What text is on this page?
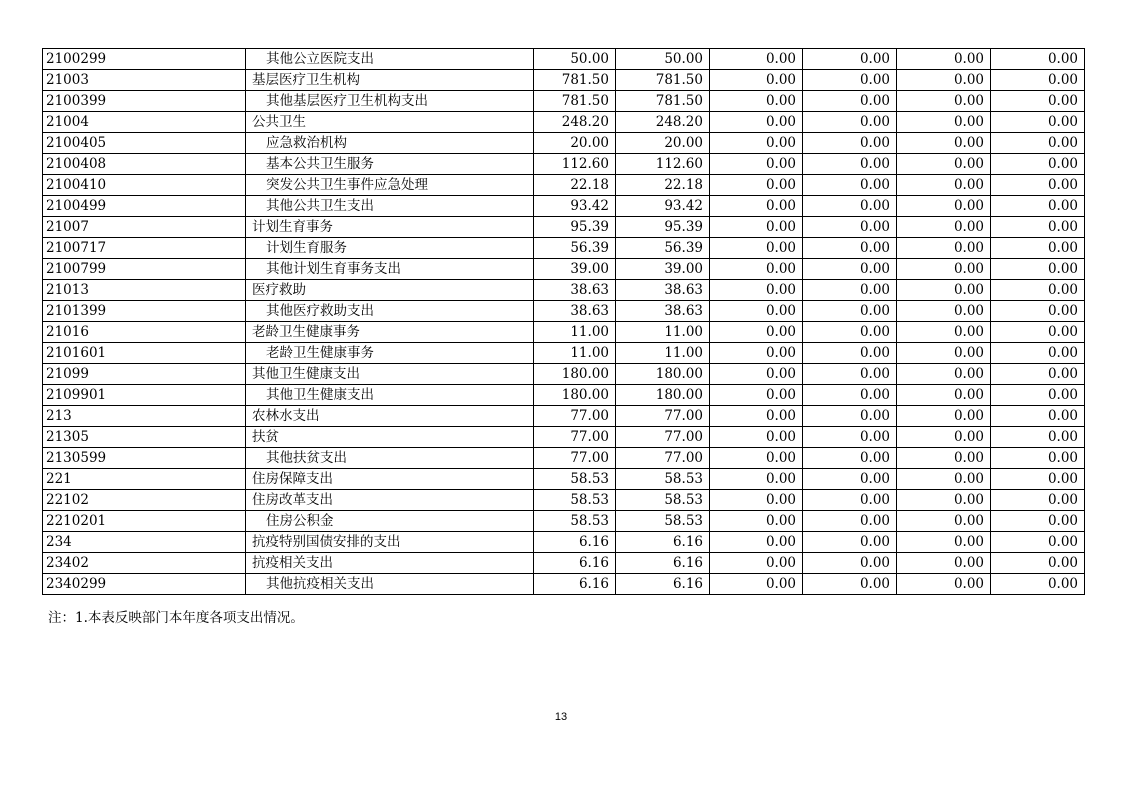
2100299	其他公立医院支出	50.00	50.00	0.00	0.00	0.00	0.00
21003	基层医疗卫生机构	781.50	781.50	0.00	0.00	0.00	0.00
2100399	其他基层医疗卫生机构支出	781.50	781.50	0.00	0.00	0.00	0.00
21004	公共卫生	248.20	248.20	0.00	0.00	0.00	0.00
2100405	应急救治机构	20.00	20.00	0.00	0.00	0.00	0.00
2100408	基本公共卫生服务	112.60	112.60	0.00	0.00	0.00	0.00
2100410	突发公共卫生事件应急处理	22.18	22.18	0.00	0.00	0.00	0.00
2100499	其他公共卫生支出	93.42	93.42	0.00	0.00	0.00	0.00
21007	计划生育事务	95.39	95.39	0.00	0.00	0.00	0.00
2100717	计划生育服务	56.39	56.39	0.00	0.00	0.00	0.00
2100799	其他计划生育事务支出	39.00	39.00	0.00	0.00	0.00	0.00
21013	医疗救助	38.63	38.63	0.00	0.00	0.00	0.00
2101399	其他医疗救助支出	38.63	38.63	0.00	0.00	0.00	0.00
21016	老龄卫生健康事务	11.00	11.00	0.00	0.00	0.00	0.00
2101601	老龄卫生健康事务	11.00	11.00	0.00	0.00	0.00	0.00
21099	其他卫生健康支出	180.00	180.00	0.00	0.00	0.00	0.00
2109901	其他卫生健康支出	180.00	180.00	0.00	0.00	0.00	0.00
213	农林水支出	77.00	77.00	0.00	0.00	0.00	0.00
21305	扶贫	77.00	77.00	0.00	0.00	0.00	0.00
2130599	其他扶贫支出	77.00	77.00	0.00	0.00	0.00	0.00
221	住房保障支出	58.53	58.53	0.00	0.00	0.00	0.00
22102	住房改革支出	58.53	58.53	0.00	0.00	0.00	0.00
2210201	住房公积金	58.53	58.53	0.00	0.00	0.00	0.00
234	抗疫特别国债安排的支出	6.16	6.16	0.00	0.00	0.00	0.00
23402	抗疫相关支出	6.16	6.16	0.00	0.00	0.00	0.00
2340299	其他抗疫相关支出	6.16	6.16	0.00	0.00	0.00	0.00
注：1.本表反映部门本年度各项支出情况。
13
